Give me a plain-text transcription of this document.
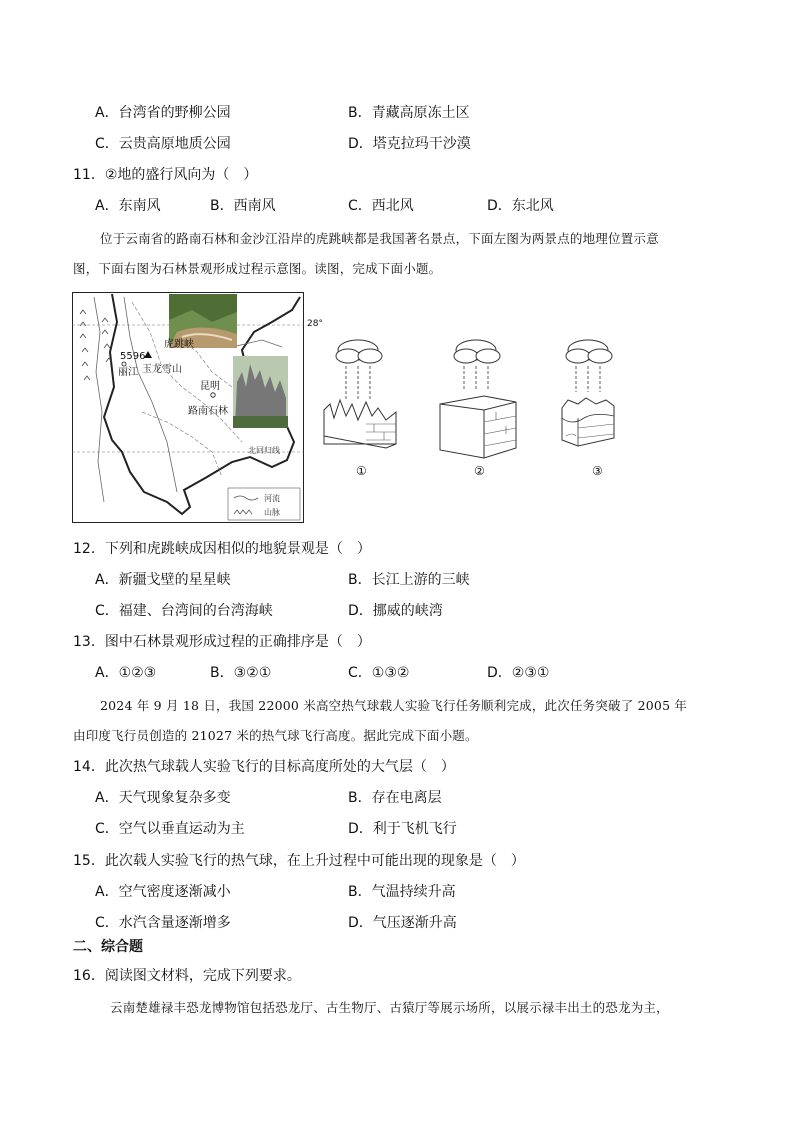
A．台湾省的野柳公园	B．青藏高原冻土区
C．云贵高原地质公园	D．塔克拉玛干沙漠
11．②地的盛行风向为（　）
A．东南风	B．西南风	C．西北风	D．东北风
位于云南省的路南石林和金沙江沿岸的虎跳峡都是我国著名景点，下面左图为两景点的地理位置示意
图，下面右图为石林景观形成过程示意图。读图，完成下面小题。
虎跳峡
5596
丽江 玉龙雪山
昆明
路南石林
北回归线
河流
山脉
28°
①	②	③
12．下列和虎跳峡成因相似的地貌景观是（　）
A．新疆戈壁的星星峡	B．长江上游的三峡
C．福建、台湾间的台湾海峡	D．挪威的峡湾
13．图中石林景观形成过程的正确排序是（　）
A．①②③	B．③②①	C．①③②	D．②③①
2024 年 9 月 18 日，我国 22000 米高空热气球载人实验飞行任务顺利完成，此次任务突破了 2005 年
由印度飞行员创造的 21027 米的热气球飞行高度。据此完成下面小题。
14．此次热气球载人实验飞行的目标高度所处的大气层（　）
A．天气现象复杂多变	B．存在电离层
C．空气以垂直运动为主	D．利于飞机飞行
15．此次载人实验飞行的热气球，在上升过程中可能出现的现象是（　）
A．空气密度逐渐减小	B．气温持续升高
C．水汽含量逐渐增多	D．气压逐渐升高
二、综合题
16．阅读图文材料，完成下列要求。
云南楚雄禄丰恐龙博物馆包括恐龙厅、古生物厅、古猿厅等展示场所，以展示禄丰出土的恐龙为主，
